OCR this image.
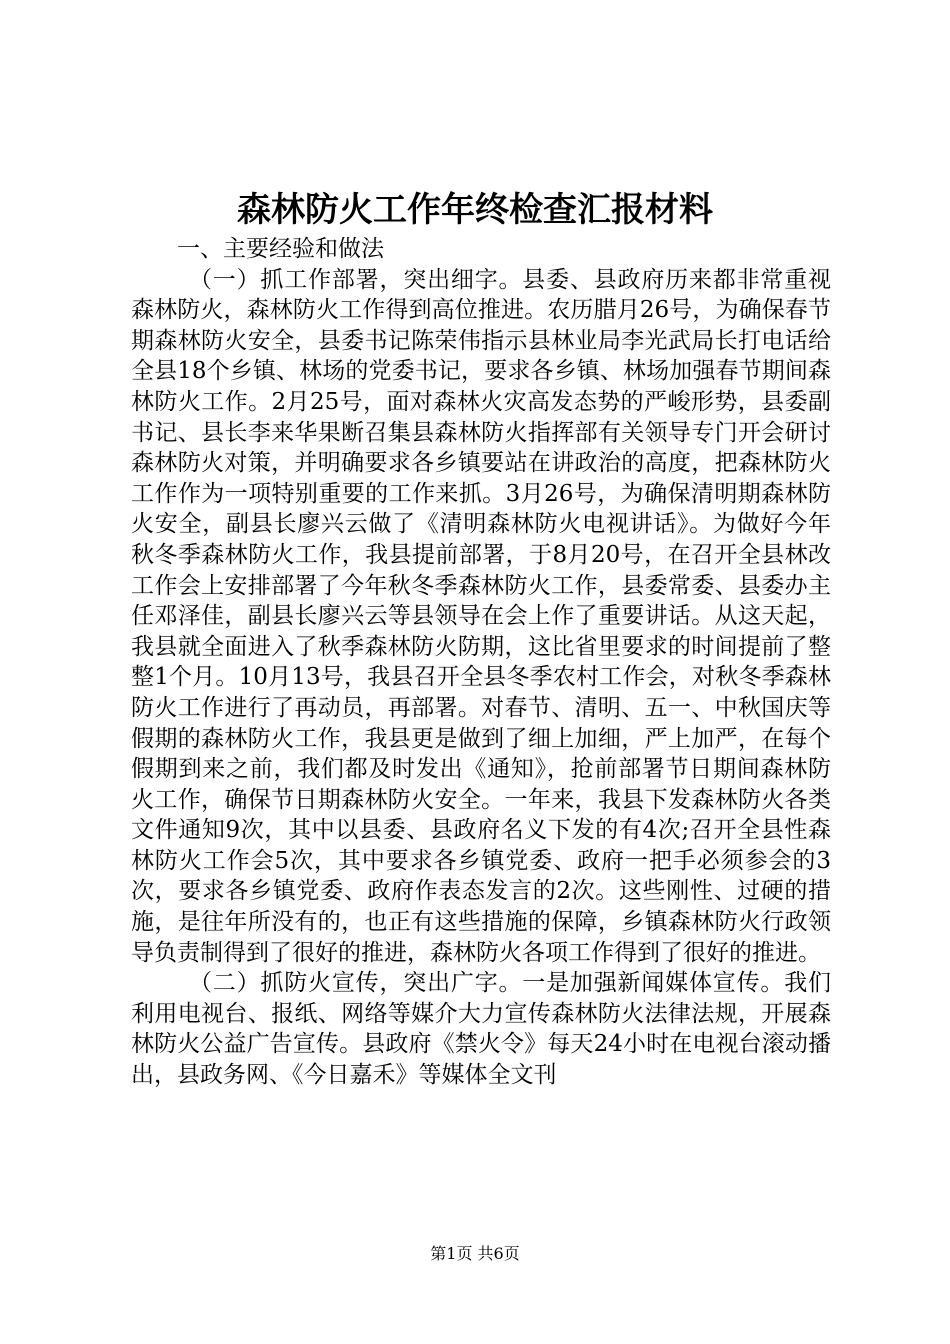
森林防火工作年终检查汇报材料

一、主要经验和做法

（一）抓工作部署，突出细字。县委、县政府历来都非常重视森林防火，森林防火工作得到高位推进。农历腊月26号，为确保春节期森林防火安全，县委书记陈荣伟指示县林业局李光武局长打电话给全县18个乡镇、林场的党委书记，要求各乡镇、林场加强春节期间森林防火工作。2月25号，面对森林火灾高发态势的严峻形势，县委副书记、县长李来华果断召集县森林防火指挥部有关领导专门开会研讨森林防火对策，并明确要求各乡镇要站在讲政治的高度，把森林防火工作作为一项特别重要的工作来抓。3月26号，为确保清明期森林防火安全，副县长廖兴云做了《清明森林防火电视讲话》。为做好今年秋冬季森林防火工作，我县提前部署，于8月20号，在召开全县林改工作会上安排部署了今年秋冬季森林防火工作，县委常委、县委办主任邓泽佳，副县长廖兴云等县领导在会上作了重要讲话。从这天起，我县就全面进入了秋季森林防火防期，这比省里要求的时间提前了整整1个月。10月13号，我县召开全县冬季农村工作会，对秋冬季森林防火工作进行了再动员，再部署。对春节、清明、五一、中秋国庆等假期的森林防火工作，我县更是做到了细上加细，严上加严，在每个假期到来之前，我们都及时发出《通知》，抢前部署节日期间森林防火工作，确保节日期森林防火安全。一年来，我县下发森林防火各类文件通知9次，其中以县委、县政府名义下发的有4次;召开全县性森林防火工作会5次，其中要求各乡镇党委、政府一把手必须参会的3次，要求各乡镇党委、政府作表态发言的2次。这些刚性、过硬的措施，是往年所没有的，也正有这些措施的保障，乡镇森林防火行政领导负责制得到了很好的推进，森林防火各项工作得到了很好的推进。

（二）抓防火宣传，突出广字。一是加强新闻媒体宣传。我们利用电视台、报纸、网络等媒介大力宣传森林防火法律法规，开展森林防火公益广告宣传。县政府《禁火令》每天24小时在电视台滚动播出，县政务网、《今日嘉禾》等媒体全文刊

第1页 共6页
